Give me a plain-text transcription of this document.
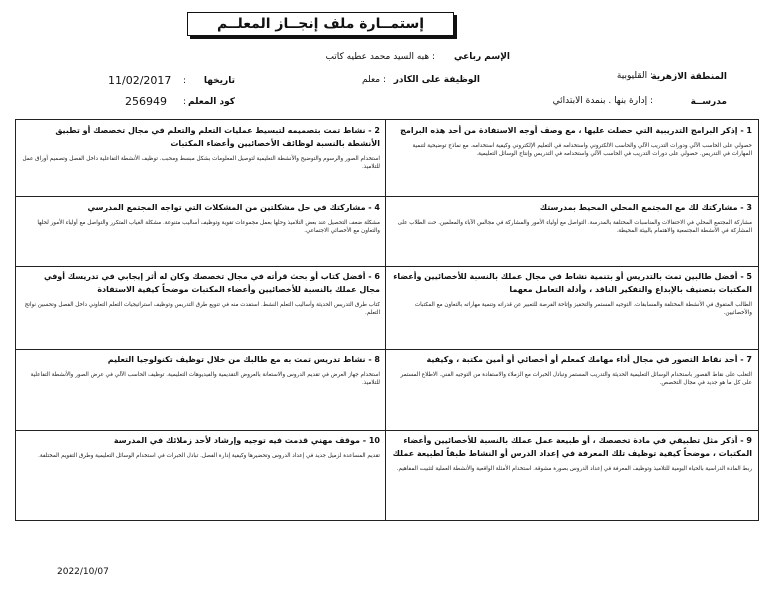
إستمــارة ملف إنجــاز المعلــم
الإسم رباعي
: هبه السيد محمد عطيه كاتب
المنطقة الازهرية
: القليوبية
الوظيفة على الكادر
: معلم
تاريخها
:
11/02/2017
مدرســة
: إدارة بنها . بنمدة الابتدائي
كود المعلم
:
256949
1 - إذكر البرامج التدريبية التي حصلت عليها ، مع وصف أوجه الاستفادة من أحد هذه البرامج
حصولي على الحاسب الآلي ودورات التدريب الآلي والحاسب الالكتروني واستخدامه في التعليم الإلكتروني وكيفية استخدامه. مع نماذج توضيحية لتنمية المهارات في التدريس. حصولي على دورات التدريب في الحاسب الآلي واستخدامه في التدريس وإنتاج الوسائل التعليمية.
3 - مشاركتك لك مع المجتمع المحلي المحيط بمدرستك
مشاركة المجتمع المحلي في الاحتفالات والمناسبات المختلفة بالمدرسة. التواصل مع أولياء الأمور والمشاركة في مجالس الآباء والمعلمين. حث الطلاب على المشاركة في الأنشطة المجتمعية والاهتمام بالبيئة المحيطة.
5 - أفضل طالبين تمت بالتدريس أو بتنمية نشاط في مجال عملك بالنسبة للأخصائيين وأعضاء المكتبات بتصنيف بالإبداع والتفكير الناقد ، وأدلة التعامل معهما
الطالب المتفوق في الأنشطة المختلفة والمسابقات. التوجيه المستمر والتحفيز وإتاحة الفرصة للتعبير عن قدراته وتنمية مهاراته بالتعاون مع المكتبات والأخصائيين.
7 - أحد نقاط التصور في مجال أداء مهامك كمعلم أو أخصائي أو أمين مكتبة ، وكيفية
التغلب على نقاط القصور باستخدام الوسائل التعليمية الحديثة والتدريب المستمر وتبادل الخبرات مع الزملاء والاستفادة من التوجيه الفني. الاطلاع المستمر على كل ما هو جديد في مجال التخصص.
9 - أذكر مثل تطبيقي في مادة تخصصك ، أو طبيعة عمل عملك بالنسبة للأخصائيين وأعضاء المكتبات ، موضحاً كيفية توظيف تلك المعرفة في إعداد الدرس أو النشاط طبقاً لطبيعة عملك
ربط المادة الدراسية بالحياة اليومية للتلاميذ وتوظيف المعرفة في إعداد الدروس بصورة مشوقة. استخدام الأمثلة الواقعية والأنشطة العملية لتثبيت المفاهيم.
2 - نشاط تمت بتصميمه لتبسيط عمليات التعلم والتعلم في مجال تخصصك أو تطبيق الأنشطة بالنسبة لوظائف الأخصائيين وأعضاء المكتبات
استخدام الصور والرسوم والتوضيح والأنشطة التعليمية لتوصيل المعلومات بشكل مبسط ومحبب. توظيف الأنشطة التفاعلية داخل الفصل وتصميم أوراق عمل للتلاميذ.
4 - مشاركتك في حل مشكلتين من المشكلات التي تواجه المجتمع المدرسي
مشكلة ضعف التحصيل عند بعض التلاميذ وحلها بعمل مجموعات تقوية وتوظيف أساليب متنوعة. مشكلة الغياب المتكرر والتواصل مع أولياء الأمور لحلها والتعاون مع الأخصائي الاجتماعي.
6 - أفضل كتاب أو بحث قرأته في مجال تخصصك وكان له أثر إيجابي في تدريسك أوفي مجال عملك بالنسبة للأخصائيين وأعضاء المكتبات موضحاً كيفية الاستفادة
كتاب طرق التدريس الحديثة وأساليب التعلم النشط. استفدت منه في تنويع طرق التدريس وتوظيف استراتيجيات التعلم التعاوني داخل الفصل وتحسين نواتج التعلم.
8 - نشاط تدريس تمت به مع طالبك من خلال توظيف تكنولوجيا التعليم
استخدام جهاز العرض في تقديم الدروس والاستعانة بالعروض التقديمية والفيديوهات التعليمية. توظيف الحاسب الآلي في عرض الصور والأنشطة التفاعلية للتلاميذ.
10 - موقف مهني قدمت فيه توجيه وإرشاد لأحد زملائك في المدرسة
تقديم المساعدة لزميل جديد في إعداد الدروس وتحضيرها وكيفية إدارة الفصل. تبادل الخبرات في استخدام الوسائل التعليمية وطرق التقويم المختلفة.
2022/10/07
